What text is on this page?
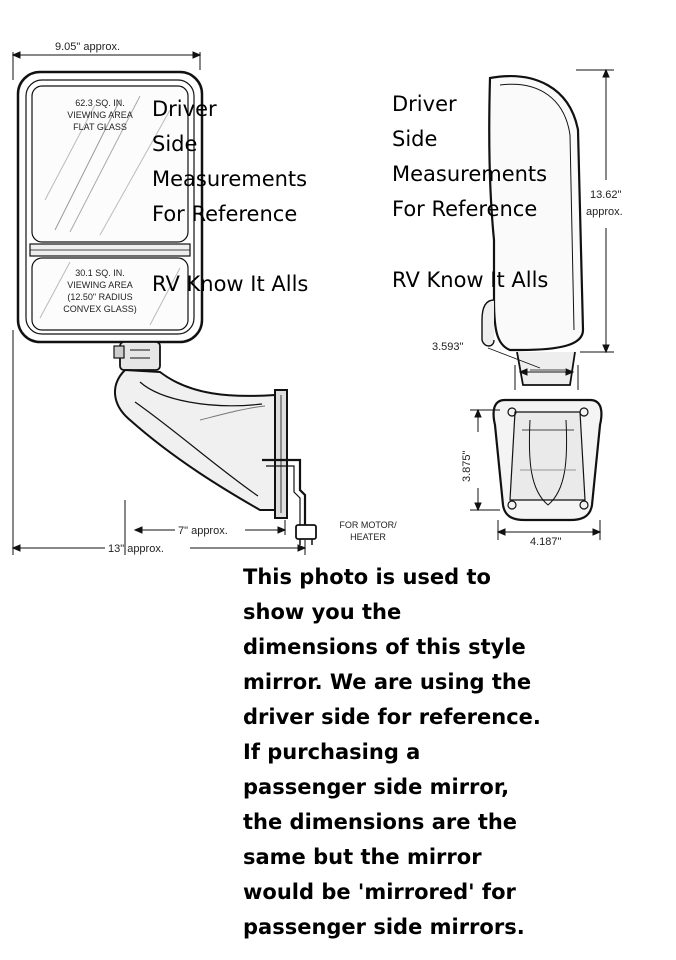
9.05" approx.
62.3 SQ. IN.
VIEWING AREA
FLAT GLASS
30.1 SQ. IN.
VIEWING AREA
(12.50" RADIUS
CONVEX GLASS)
7" approx.
13" approx.
FOR MOTOR/
HEATER
13.62"
approx.
3.593"
3.875"
4.187"
Driver
Side
Measurements
For Reference
RV Know It Alls
Driver
Side
Measurements
For Reference
RV Know It Alls
This photo is used to
show you the
dimensions of this style
mirror. We are using the
driver side for reference.
If purchasing a
passenger side mirror,
the dimensions are the
same but the mirror
would be 'mirrored' for
passenger side mirrors.
